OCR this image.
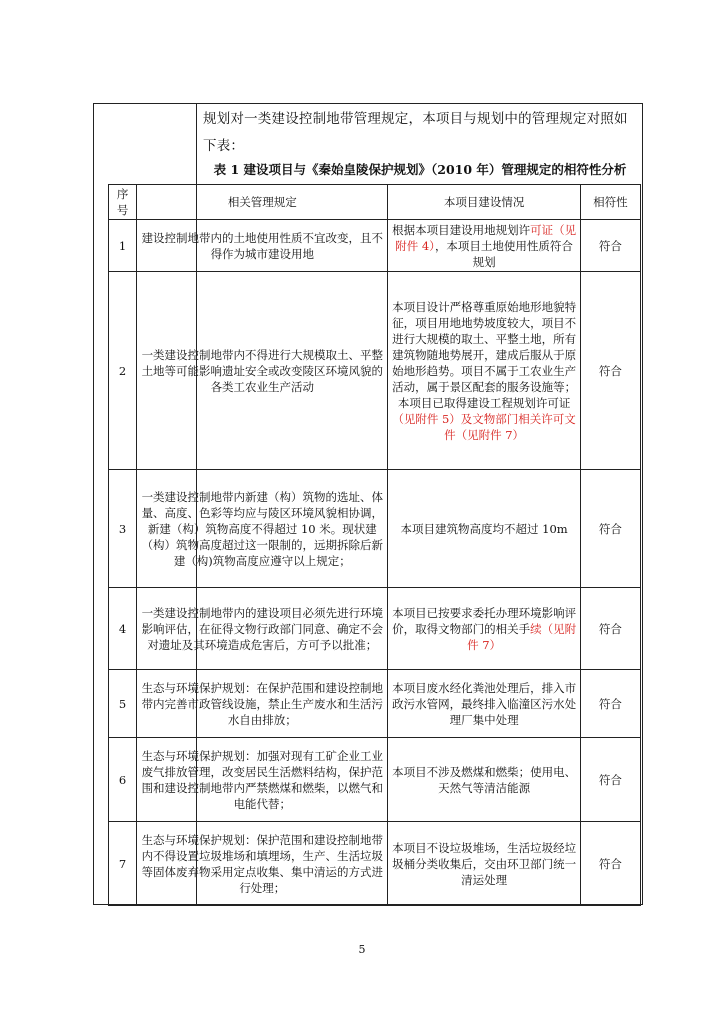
规划对一类建设控制地带管理规定，本项目与规划中的管理规定对照如下表：

表 1 建设项目与《秦始皇陵保护规划》（2010 年）管理规定的相符性分析
序号	相关管理规定	本项目建设情况	相符性
1	建设控制地带内的土地使用性质不宜改变，且不得作为城市建设用地	根据本项目建设用地规划许可证（见附件 4），本项目土地使用性质符合规划	符合
2	一类建设控制地带内不得进行大规模取土、平整土地等可能影响遗址安全或改变陵区环境风貌的各类工农业生产活动	本项目设计严格尊重原始地形地貌特征，项目用地地势坡度较大，项目不进行大规模的取土、平整土地，所有建筑物随地势展开，建成后服从于原始地形趋势。项目不属于工农业生产活动，属于景区配套的服务设施等；本项目已取得建设工程规划许可证（见附件 5）及文物部门相关许可文件（见附件 7）	符合
3	一类建设控制地带内新建（构）筑物的选址、体量、高度、色彩等均应与陵区环境风貌相协调，新建（构）筑物高度不得超过 10 米。现状建（构）筑物高度超过这一限制的，远期拆除后新建（构)筑物高度应遵守以上规定；	本项目建筑物高度均不超过 10m	符合
4	一类建设控制地带内的建设项目必须先进行环境影响评估，在征得文物行政部门同意、确定不会对遗址及其环境造成危害后，方可予以批准；	本项目已按要求委托办理环境影响评价，取得文物部门的相关手续（见附件 7）	符合
5	生态与环境保护规划：在保护范围和建设控制地带内完善市政管线设施，禁止生产废水和生活污水自由排放；	本项目废水经化粪池处理后，排入市政污水管网，最终排入临潼区污水处理厂集中处理	符合
6	生态与环境保护规划：加强对现有工矿企业工业废气排放管理，改变居民生活燃料结构，保护范围和建设控制地带内严禁燃煤和燃柴，以燃气和电能代替；	本项目不涉及燃煤和燃柴；使用电、天然气等清洁能源	符合
7	生态与环境保护规划：保护范围和建设控制地带内不得设置垃圾堆场和填埋场，生产、生活垃圾等固体废弃物采用定点收集、集中清运的方式进行处理；	本项目不设垃圾堆场，生活垃圾经垃圾桶分类收集后，交由环卫部门统一清运处理	符合
5
